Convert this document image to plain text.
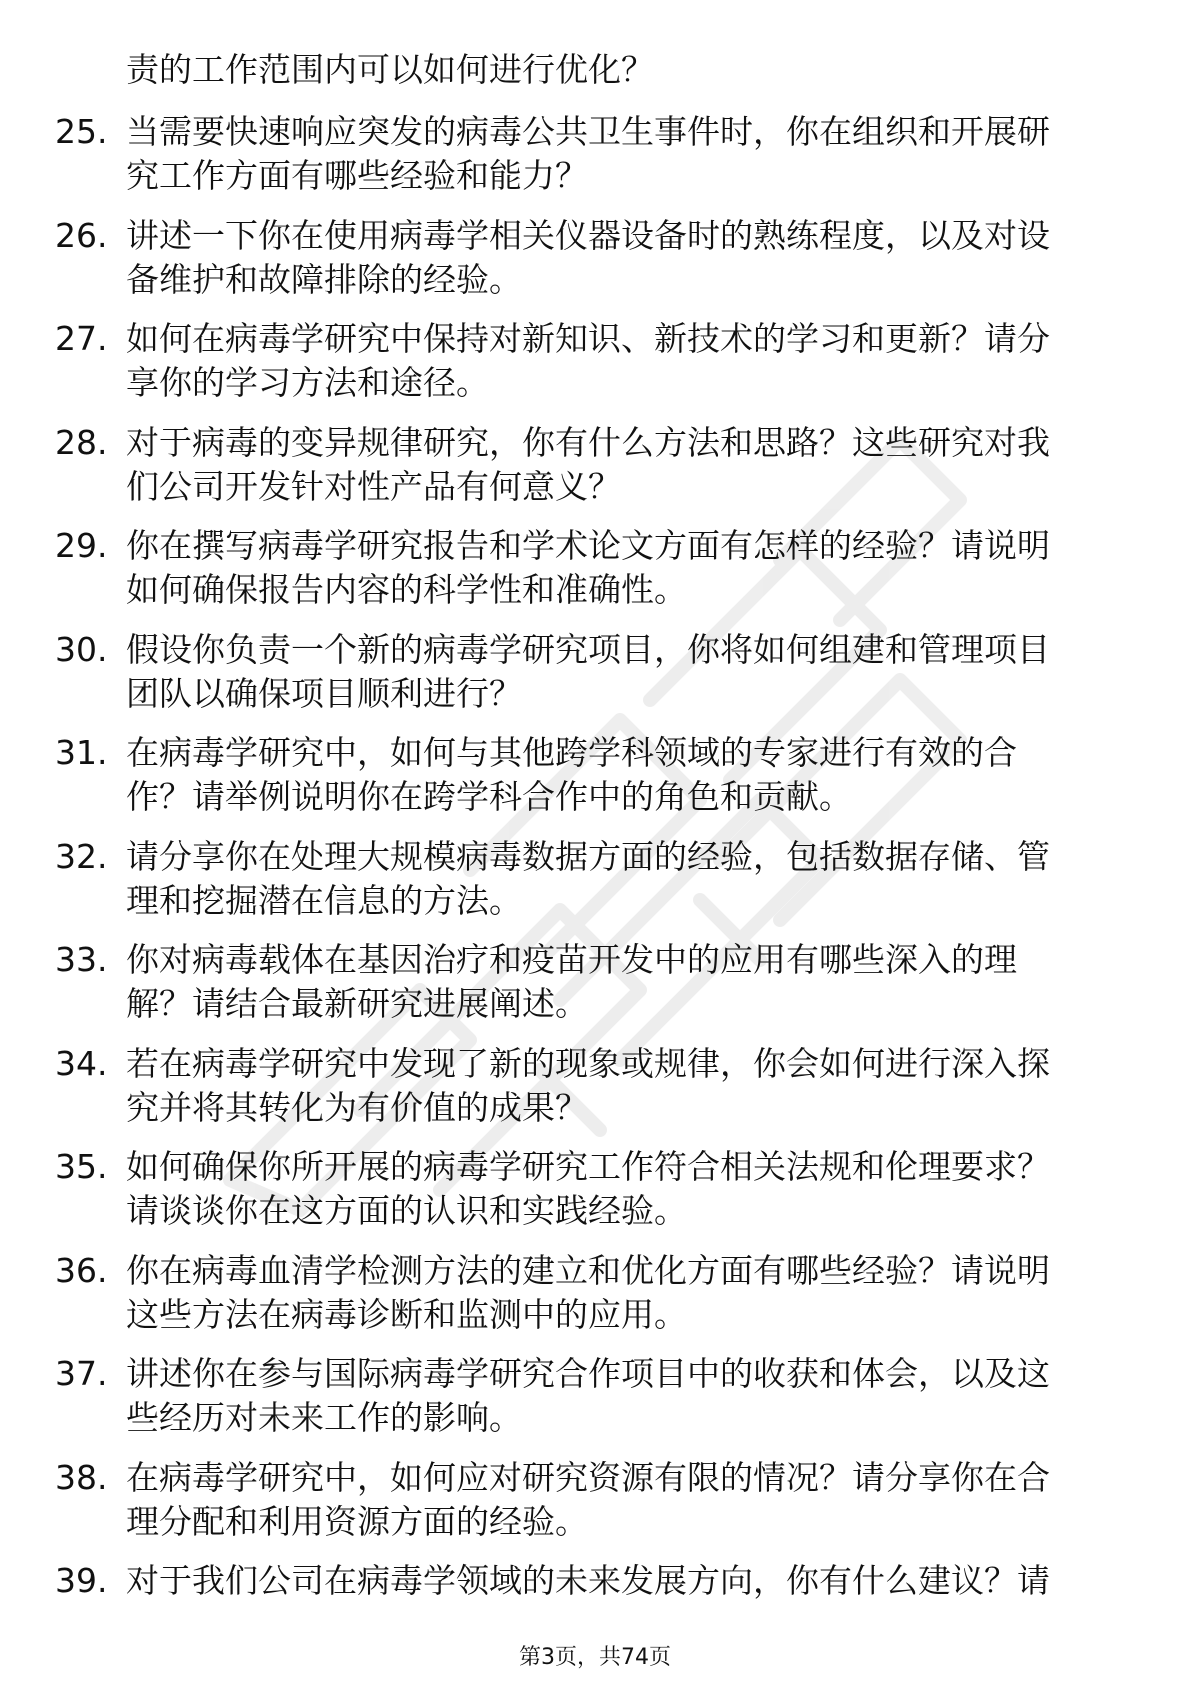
责的工作范围内可以如何进行优化？
25. 当需要快速响应突发的病毒公共卫生事件时，你在组织和开展研
究工作方面有哪些经验和能力？
26. 讲述一下你在使用病毒学相关仪器设备时的熟练程度，以及对设
备维护和故障排除的经验。
27. 如何在病毒学研究中保持对新知识、新技术的学习和更新？请分
享你的学习方法和途径。
28. 对于病毒的变异规律研究，你有什么方法和思路？这些研究对我
们公司开发针对性产品有何意义？
29. 你在撰写病毒学研究报告和学术论文方面有怎样的经验？请说明
如何确保报告内容的科学性和准确性。
30. 假设你负责一个新的病毒学研究项目，你将如何组建和管理项目
团队以确保项目顺利进行？
31. 在病毒学研究中，如何与其他跨学科领域的专家进行有效的合
作？请举例说明你在跨学科合作中的角色和贡献。
32. 请分享你在处理大规模病毒数据方面的经验，包括数据存储、管
理和挖掘潜在信息的方法。
33. 你对病毒载体在基因治疗和疫苗开发中的应用有哪些深入的理
解？请结合最新研究进展阐述。
34. 若在病毒学研究中发现了新的现象或规律，你会如何进行深入探
究并将其转化为有价值的成果？
35. 如何确保你所开展的病毒学研究工作符合相关法规和伦理要求？
请谈谈你在这方面的认识和实践经验。
36. 你在病毒血清学检测方法的建立和优化方面有哪些经验？请说明
这些方法在病毒诊断和监测中的应用。
37. 讲述你在参与国际病毒学研究合作项目中的收获和体会，以及这
些经历对未来工作的影响。
38. 在病毒学研究中，如何应对研究资源有限的情况？请分享你在合
理分配和利用资源方面的经验。
39. 对于我们公司在病毒学领域的未来发展方向，你有什么建议？请
第3页，共74页
